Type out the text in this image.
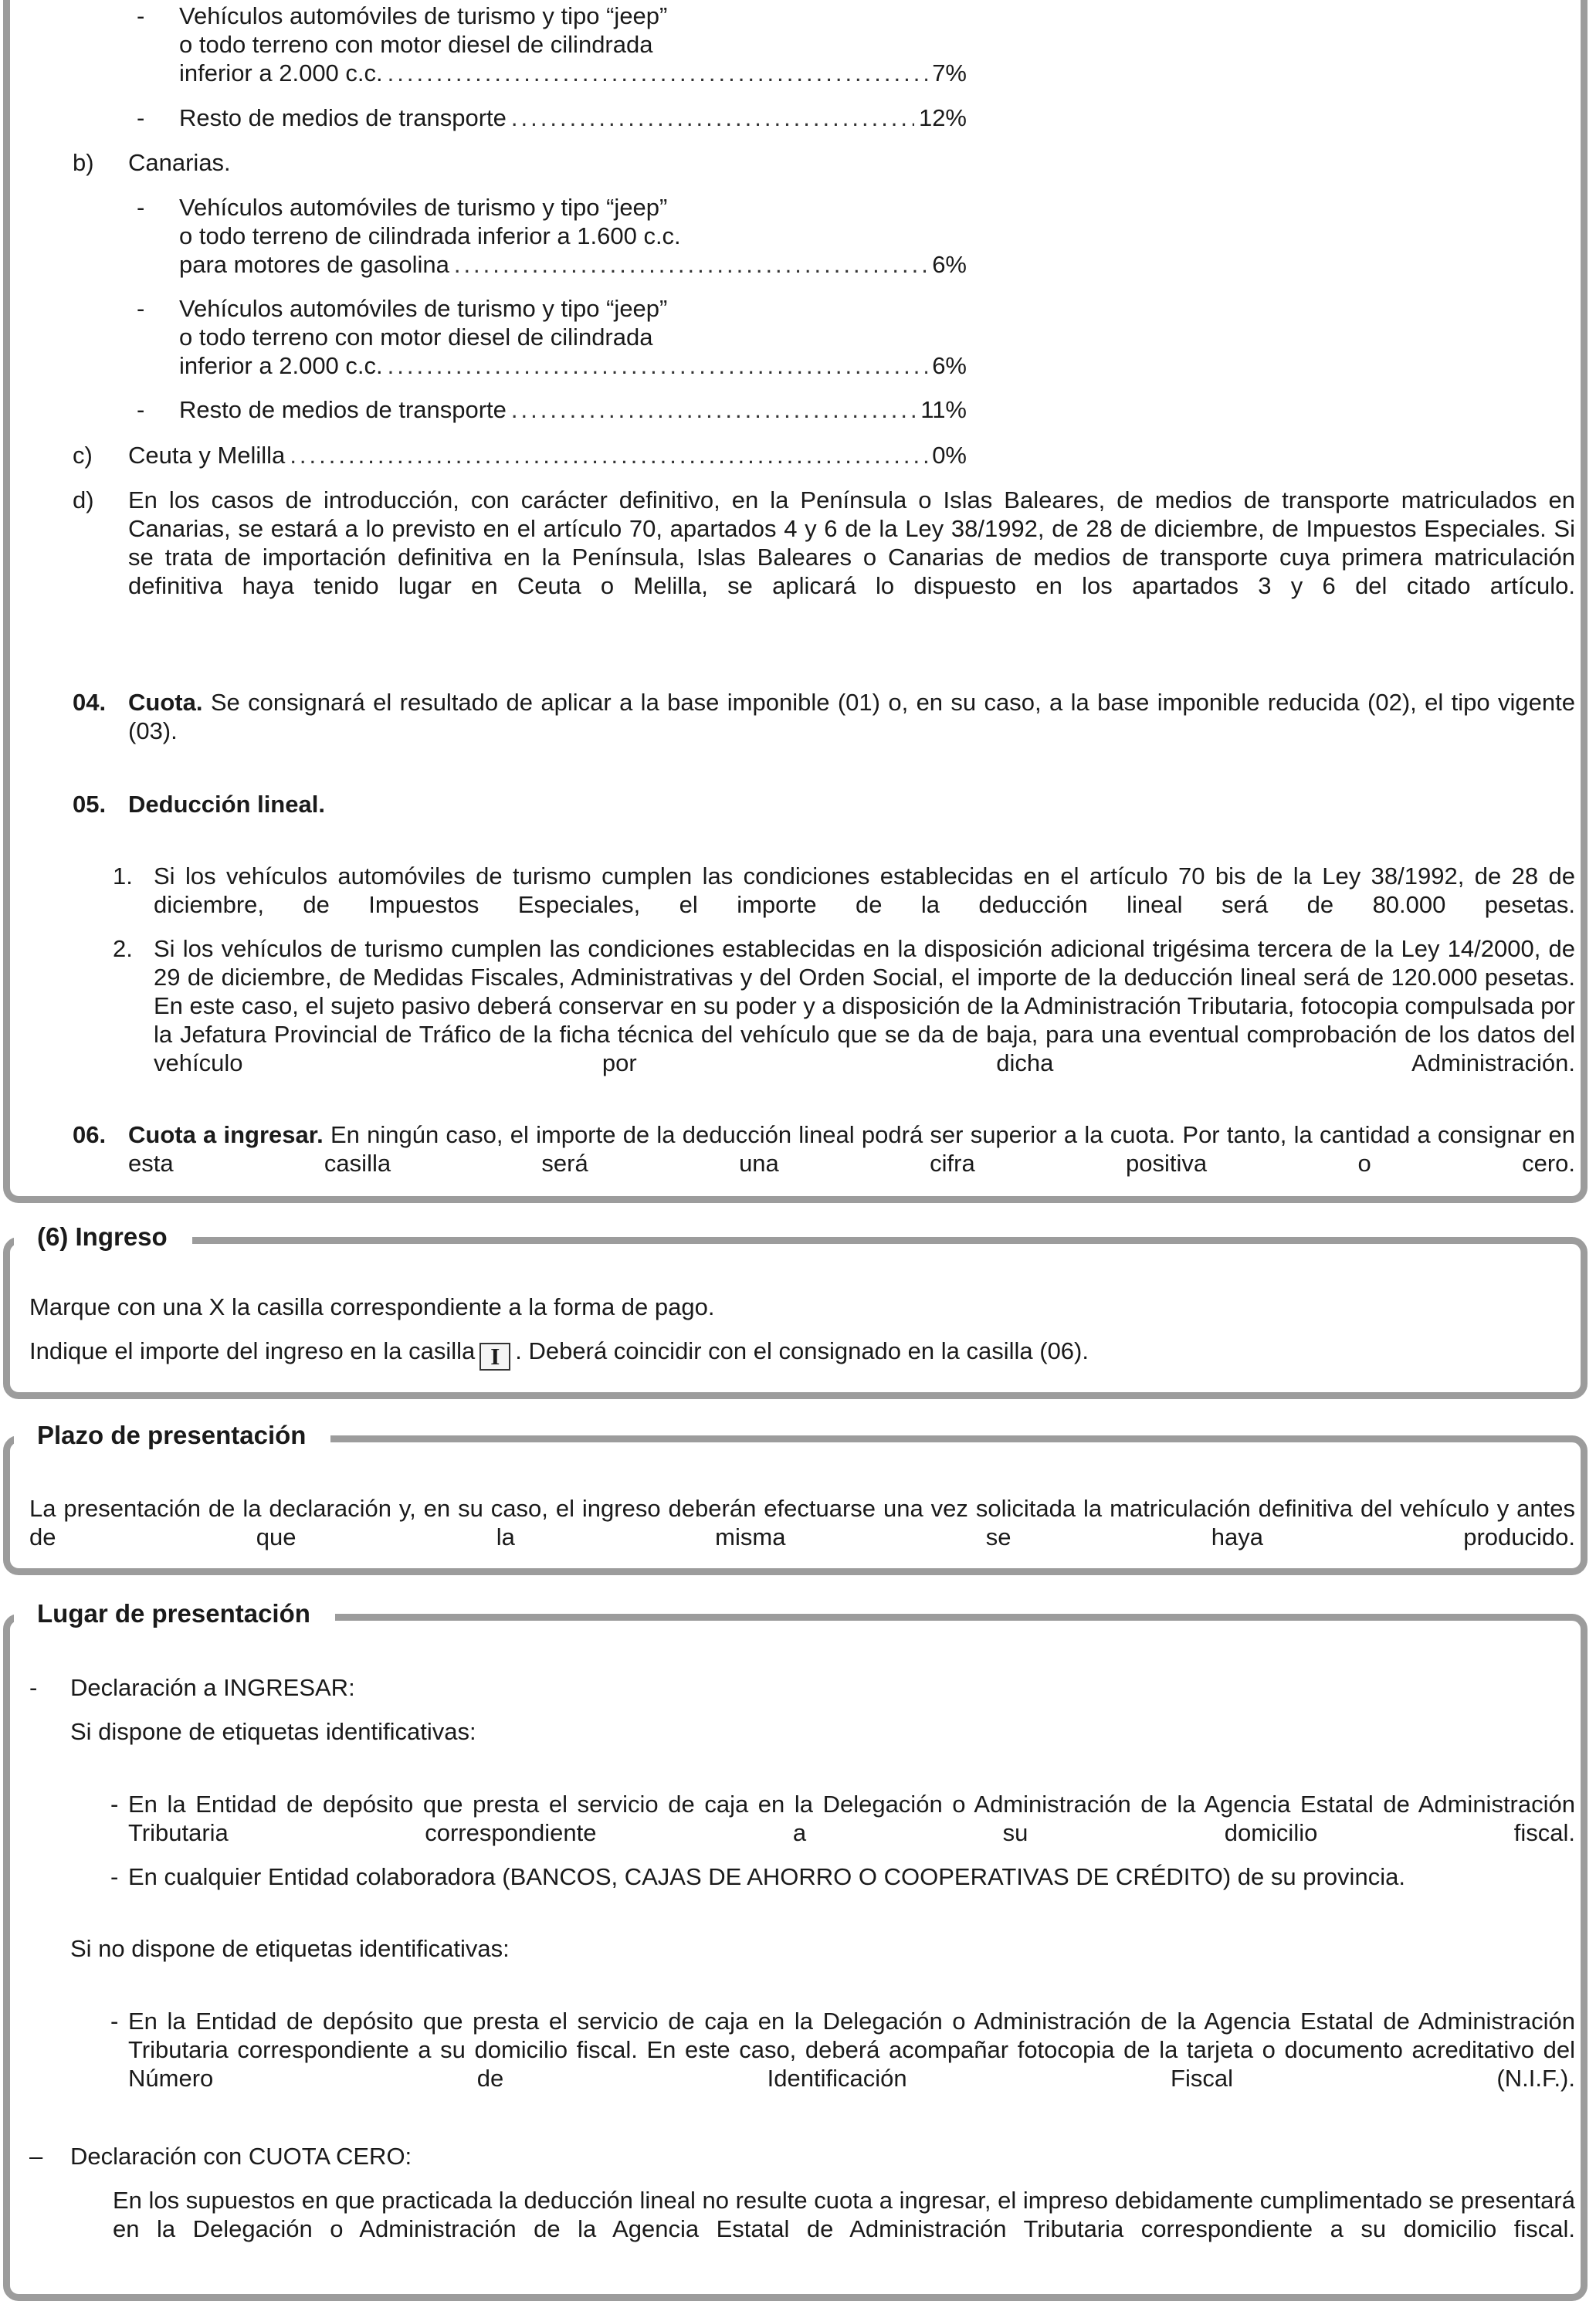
- Vehículos automóviles de turismo y tipo “jeep”
o todo terreno con motor diesel de cilindrada
inferior a 2.000 c.c. .....	7%
- Resto de medios de transporte .....	12%
b) Canarias.
- Vehículos automóviles de turismo y tipo “jeep”
o todo terreno de cilindrada inferior a 1.600 c.c.
para motores de gasolina .....	6%
- Vehículos automóviles de turismo y tipo “jeep”
o todo terreno con motor diesel de cilindrada
inferior a 2.000 c.c. .....	6%
- Resto de medios de transporte .....	11%
c) Ceuta y Melilla .....	0%
d) En los casos de introducción, con carácter definitivo, en la Península o Islas Baleares, de medios de transporte matriculados en Canarias, se estará a lo previsto en el artículo 70, apartados 4 y 6 de la Ley 38/1992, de 28 de diciembre, de Impuestos Especiales. Si se trata de importación definitiva en la Península, Islas Baleares o Canarias de medios de transporte cuya primera matriculación definitiva haya tenido lugar en Ceuta o Melilla, se aplicará lo dispuesto en los apartados 3 y 6 del citado artículo.
04. Cuota. Se consignará el resultado de aplicar a la base imponible (01) o, en su caso, a la base imponible reducida (02), el tipo vigente (03).
05. Deducción lineal.
1. Si los vehículos automóviles de turismo cumplen las condiciones establecidas en el artículo 70 bis de la Ley 38/1992, de 28 de diciembre, de Impuestos Especiales, el importe de la deducción lineal será de 80.000 pesetas.
2. Si los vehículos de turismo cumplen las condiciones establecidas en la disposición adicional trigésima tercera de la Ley 14/2000, de 29 de diciembre, de Medidas Fiscales, Administrativas y del Orden Social, el importe de la deducción lineal será de 120.000 pesetas. En este caso, el sujeto pasivo deberá conservar en su poder y a disposición de la Administración Tributaria, fotocopia compulsada por la Jefatura Provincial de Tráfico de la ficha técnica del vehículo que se da de baja, para una eventual comprobación de los datos del vehículo por dicha Administración.
06. Cuota a ingresar. En ningún caso, el importe de la deducción lineal podrá ser superior a la cuota. Por tanto, la cantidad a consignar en esta casilla será una cifra positiva o cero.
(6) Ingreso
Marque con una X la casilla correspondiente a la forma de pago.
Indique el importe del ingreso en la casilla I . Deberá coincidir con el consignado en la casilla (06).
Plazo de presentación
La presentación de la declaración y, en su caso, el ingreso deberán efectuarse una vez solicitada la matriculación definitiva del vehículo y antes de que la misma se haya producido.
Lugar de presentación
- Declaración a INGRESAR:
Si dispone de etiquetas identificativas:
- En la Entidad de depósito que presta el servicio de caja en la Delegación o Administración de la Agencia Estatal de Administración Tributaria correspondiente a su domicilio fiscal.
- En cualquier Entidad colaboradora (BANCOS, CAJAS DE AHORRO O COOPERATIVAS DE CRÉDITO) de su provincia.
Si no dispone de etiquetas identificativas:
- En la Entidad de depósito que presta el servicio de caja en la Delegación o Administración de la Agencia Estatal de Administración Tributaria correspondiente a su domicilio fiscal. En este caso, deberá acompañar fotocopia de la tarjeta o documento acreditativo del Número de Identificación Fiscal (N.I.F.).
– Declaración con CUOTA CERO:
En los supuestos en que practicada la deducción lineal no resulte cuota a ingresar, el impreso debidamente cumplimentado se presentará en la Delegación o Administración de la Agencia Estatal de Administración Tributaria correspondiente a su domicilio fiscal.
